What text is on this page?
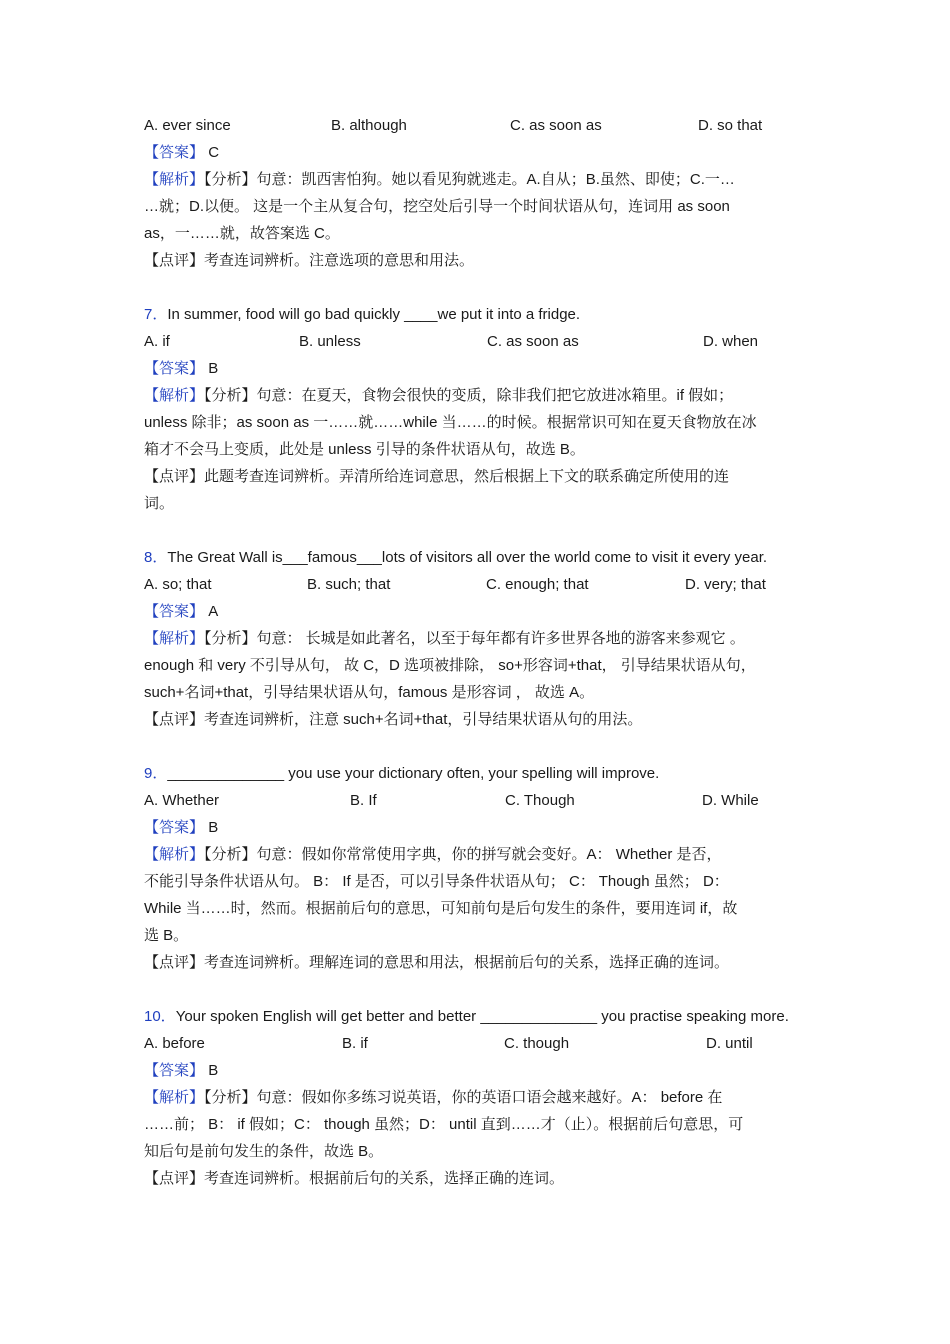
A. ever since	B. although	C. as soon as	D. so that
【答案】 C
【解析】【分析】句意：凯西害怕狗。她以看见狗就逃走。A.自从；B.虽然、即使；C.一…
…就；D.以便。 这是一个主从复合句，挖空处后引导一个时间状语从句，连词用 as soon
as，一……就，故答案选 C。
【点评】考查连词辨析。注意选项的意思和用法。
7．In summer, food will go bad quickly ____we put it into a fridge.
A. if	B. unless	C. as soon as	D. when
【答案】 B
【解析】【分析】句意：在夏天，食物会很快的变质，除非我们把它放进冰箱里。if 假如；
unless 除非；as soon as 一……就……while 当……的时候。根据常识可知在夏天食物放在冰
箱才不会马上变质，此处是 unless 引导的条件状语从句，故选 B。
【点评】此题考查连词辨析。弄清所给连词意思，然后根据上下文的联系确定所使用的连
词。
8．The Great Wall is___famous___lots of visitors all over the world come to visit it every year.
A. so; that	B. such; that	C. enough; that	D. very; that
【答案】 A
【解析】【分析】句意： 长城是如此著名，以至于每年都有许多世界各地的游客来参观它 。
enough 和 very 不引导从句， 故 C，D 选项被排除， so+形容词+that， 引导结果状语从句，
such+名词+that，引导结果状语从句，famous 是形容词 ， 故选 A。
【点评】考查连词辨析，注意 such+名词+that，引导结果状语从句的用法。
9．______________ you use your dictionary often, your spelling will improve.
A. Whether	B. If	C. Though	D. While
【答案】 B
【解析】【分析】句意：假如你常常使用字典，你的拼写就会变好。A： Whether 是否，
不能引导条件状语从句。 B： If 是否，可以引导条件状语从句； C： Though 虽然； D：
While 当……时，然而。根据前后句的意思，可知前句是后句发生的条件，要用连词 if，故
选 B。
【点评】考查连词辨析。理解连词的意思和用法，根据前后句的关系，选择正确的连词。
10．Your spoken English will get better and better ______________ you practise speaking more.
A. before	B. if	C. though	D. until
【答案】 B
【解析】【分析】句意：假如你多练习说英语，你的英语口语会越来越好。A： before 在
……前； B： if 假如；C： though 虽然；D： until 直到……才（止）。根据前后句意思，可
知后句是前句发生的条件，故选 B。
【点评】考查连词辨析。根据前后句的关系，选择正确的连词。
